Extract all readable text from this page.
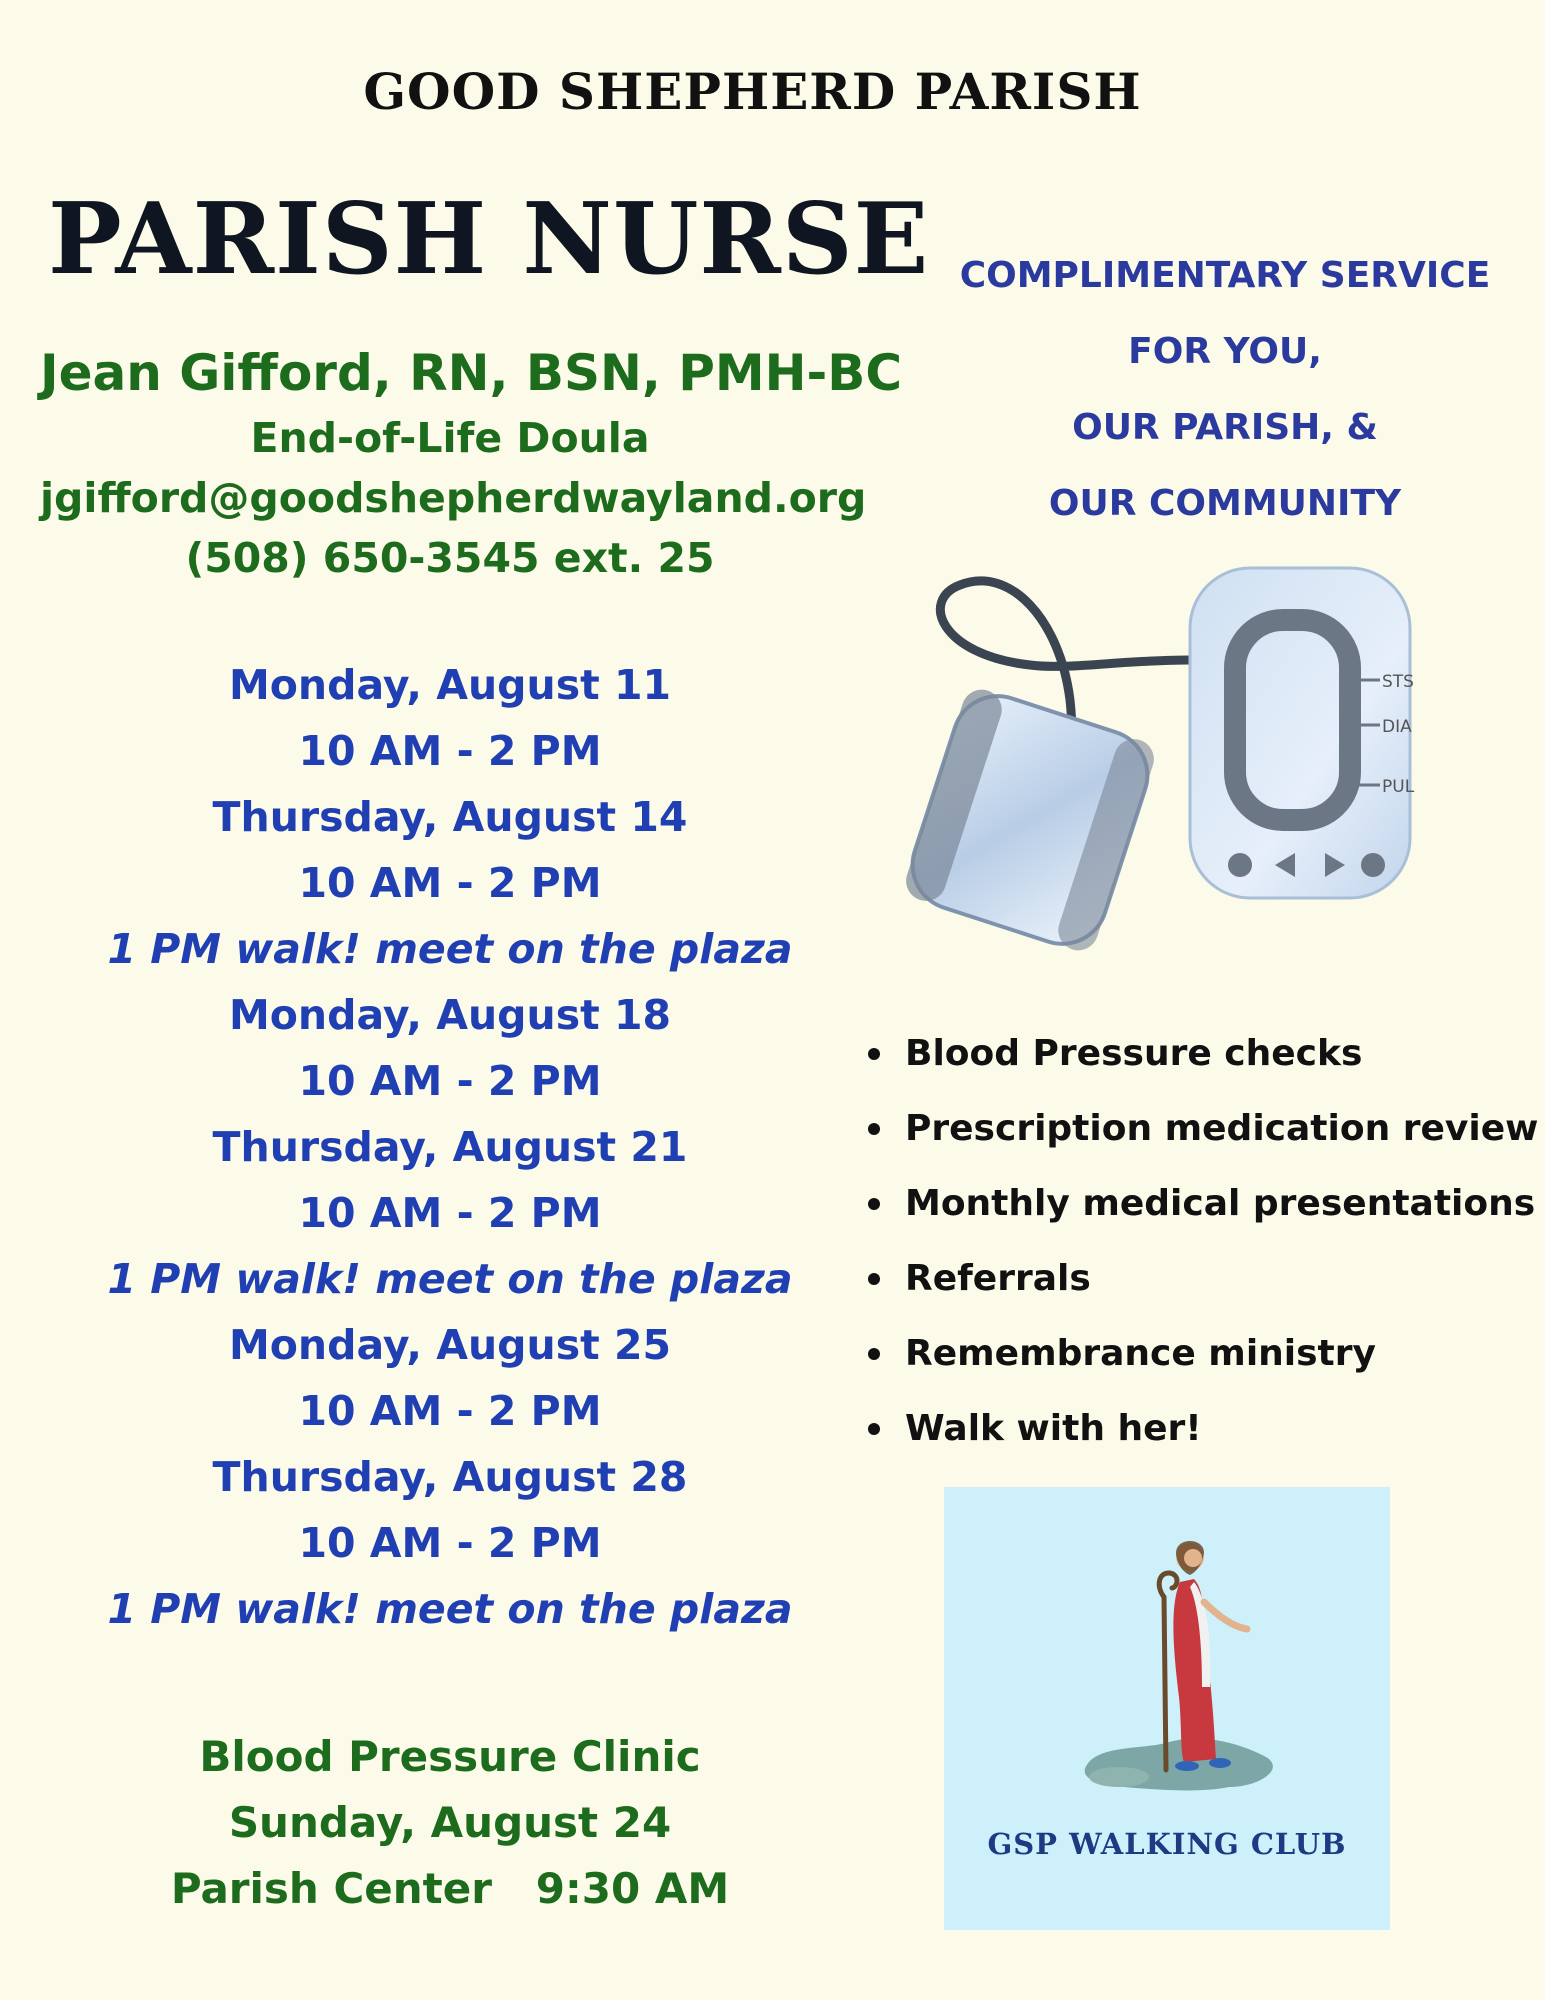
GOOD SHEPHERD PARISH
PARISH NURSE
Jean Gifford, RN, BSN, PMH-BC
End-of-Life Doula
jgifford@goodshepherdwayland.org
(508) 650-3545 ext. 25
Monday, August 11
10 AM - 2 PM
Thursday, August 14
10 AM - 2 PM
1 PM walk! meet on the plaza
Monday, August 18
10 AM - 2 PM
Thursday, August 21
10 AM - 2 PM
1 PM walk! meet on the plaza
Monday, August 25
10 AM - 2 PM
Thursday, August 28
10 AM - 2 PM
1 PM walk! meet on the plaza
Blood Pressure Clinic
Sunday, August 24
Parish Center   9:30 AM
COMPLIMENTARY SERVICE
FOR YOU,
OUR PARISH, &
OUR COMMUNITY
STS
DIA
PUL
Blood Pressure checks
Prescription medication review
Monthly medical presentations
Referrals
Remembrance ministry
Walk with her!
GSP WALKING CLUB
